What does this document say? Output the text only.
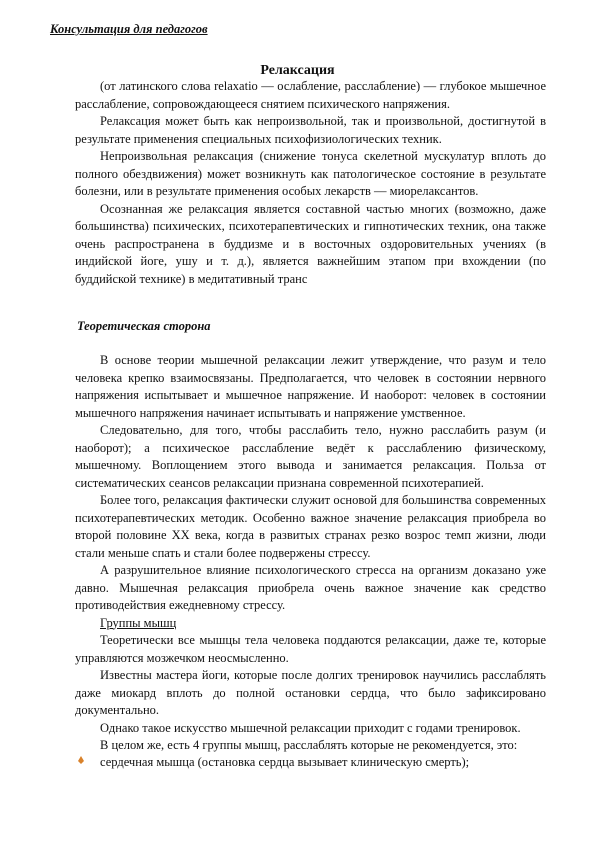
Консультация для педагогов
Релаксация

(от латинского слова relaxatio — ослабление, расслабление) — глубокое мышечное расслабление, сопровождающееся снятием психического напряжения.

Релаксация может быть как непроизвольной, так и произвольной, достигнутой в результате применения специальных психофизиологических техник.

Непроизвольная релаксация (снижение тонуса скелетной мускулатур вплоть до полного обездвижения) может возникнуть как патологическое состояние в результате болезни, или в результате применения особых лекарств — миорелаксантов.

Осознанная же релаксация является составной частью многих (возможно, даже большинства) психических, психотерапевтических и гипнотических техник, она также очень распространена в буддизме и в восточных оздоровительных учениях (в индийской йоге, ушу и т. д.), является важнейшим этапом при вхождении (по буддийской технике) в медитативный транс

Теоретическая сторона

В основе теории мышечной релаксации лежит утверждение, что разум и тело человека крепко взаимосвязаны. Предполагается, что человек в состоянии нервного напряжения испытывает и мышечное напряжение. И наоборот: человек в состоянии мышечного напряжения начинает испытывать и напряжение умственное.

Следовательно, для того, чтобы расслабить тело, нужно расслабить разум (и наоборот); а психическое расслабление ведёт к расслаблению физическому, мышечному. Воплощением этого вывода и занимается релаксация. Польза от систематических сеансов релаксации признана современной психотерапией.

Более того, релаксация фактически служит основой для большинства современных психотерапевтических методик. Особенно важное значение релаксация приобрела во второй половине XX века, когда в развитых странах резко возрос темп жизни, люди стали меньше спать и стали более подвержены стрессу.

А разрушительное влияние психологического стресса на организм доказано уже давно. Мышечная релаксация приобрела очень важное значение как средство противодействия ежедневному стрессу.

Группы мышц

Теоретически все мышцы тела человека поддаются релаксации, даже те, которые управляются мозжечком неосмысленно.

Известны мастера йоги, которые после долгих тренировок научились расслаблять даже миокард вплоть до полной остановки сердца, что было зафиксировано документально.

Однако такое искусство мышечной релаксации приходит с годами тренировок.

В целом же, есть 4 группы мышц, расслаблять которые не рекомендуется, это:

сердечная мышца (остановка сердца вызывает клиническую смерть);
